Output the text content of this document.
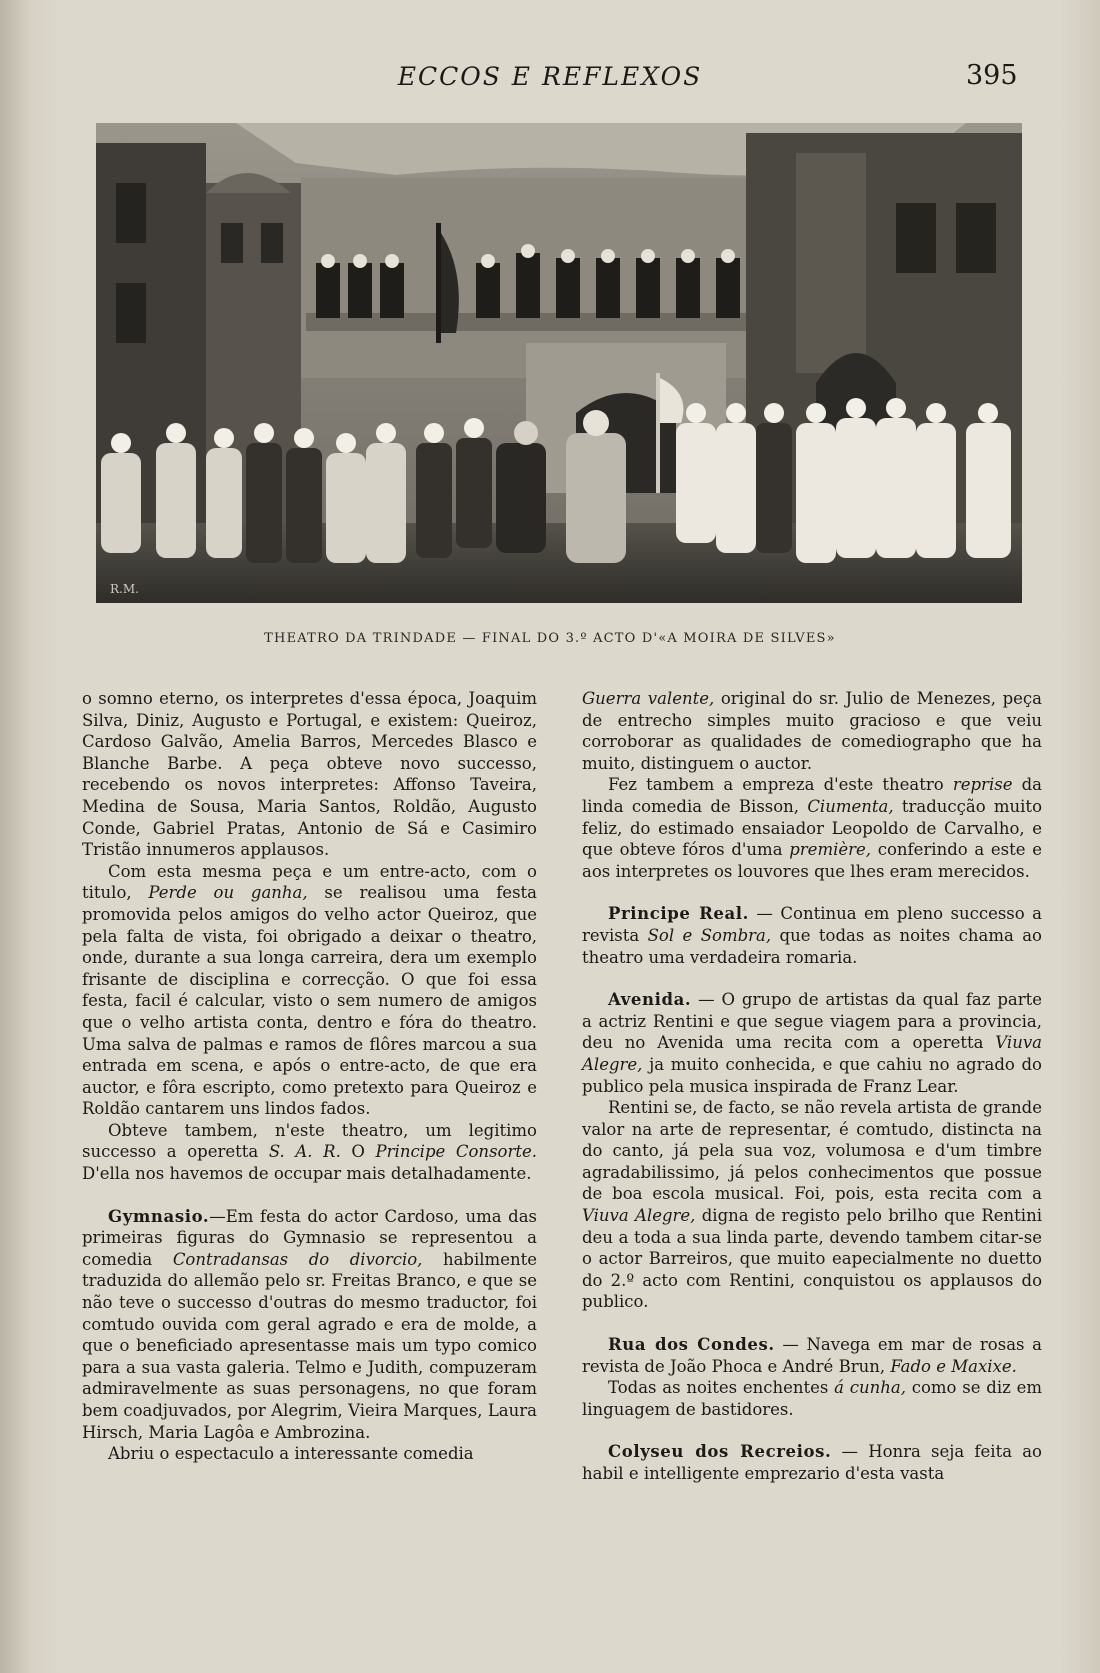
ECCOS E REFLEXOS	395
R.M.
THEATRO DA TRINDADE — FINAL DO 3.º ACTO D'«A MOIRA DE SILVES»

o somno eterno, os interpretes d'essa época, Joaquim Silva, Diniz, Augusto e Portugal, e existem: Queiroz, Cardoso Galvão, Amelia Barros, Mercedes Blasco e Blanche Barbe. A peça obteve novo successo, recebendo os novos interpretes: Affonso Taveira, Medina de Sousa, Maria Santos, Roldão, Augusto Conde, Gabriel Pratas, Antonio de Sá e Casimiro Tristão innumeros applausos.

Com esta mesma peça e um entre-acto, com o titulo, Perde ou ganha, se realisou uma festa promovida pelos amigos do velho actor Queiroz, que pela falta de vista, foi obrigado a deixar o theatro, onde, durante a sua longa carreira, dera um exemplo frisante de disciplina e correcção. O que foi essa festa, facil é calcular, visto o sem numero de amigos que o velho artista conta, dentro e fóra do theatro. Uma salva de palmas e ramos de flôres marcou a sua entrada em scena, e após o entre-acto, de que era auctor, e fôra escripto, como pretexto para Queiroz e Roldão cantarem uns lindos fados.

Obteve tambem, n'este theatro, um legitimo successo a operetta S. A. R. O Principe Consorte. D'ella nos havemos de occupar mais detalhadamente.

Gymnasio.—Em festa do actor Cardoso, uma das primeiras figuras do Gymnasio se representou a comedia Contradansas do divorcio, habilmente traduzida do allemão pelo sr. Freitas Branco, e que se não teve o successo d'outras do mesmo traductor, foi comtudo ouvida com geral agrado e era de molde, a que o beneficiado apresentasse mais um typo comico para a sua vasta galeria. Telmo e Judith, compuzeram admiravelmente as suas personagens, no que foram bem coadjuvados, por Alegrim, Vieira Marques, Laura Hirsch, Maria Lagôa e Ambrozina.

Abriu o espectaculo a interessante comedia

Guerra valente, original do sr. Julio de Menezes, peça de entrecho simples muito gracioso e que veiu corroborar as qualidades de comediographo que ha muito, distinguem o auctor.

Fez tambem a empreza d'este theatro reprise da linda comedia de Bisson, Ciumenta, traducção muito feliz, do estimado ensaiador Leopoldo de Carvalho, e que obteve fóros d'uma première, conferindo a este e aos interpretes os louvores que lhes eram merecidos.

Principe Real. — Continua em pleno successo a revista Sol e Sombra, que todas as noites chama ao theatro uma verdadeira romaria.

Avenida. — O grupo de artistas da qual faz parte a actriz Rentini e que segue viagem para a provincia, deu no Avenida uma recita com a operetta Viuva Alegre, ja muito conhecida, e que cahiu no agrado do publico pela musica inspirada de Franz Lear.

Rentini se, de facto, se não revela artista de grande valor na arte de representar, é comtudo, distincta na do canto, já pela sua voz, volumosa e d'um timbre agradabilissimo, já pelos conhecimentos que possue de boa escola musical. Foi, pois, esta recita com a Viuva Alegre, digna de registo pelo brilho que Rentini deu a toda a sua linda parte, devendo tambem citar-se o actor Barreiros, que muito eapecialmente no duetto do 2.º acto com Rentini, conquistou os applausos do publico.

Rua dos Condes. — Navega em mar de rosas a revista de João Phoca e André Brun, Fado e Maxixe.

Todas as noites enchentes á cunha, como se diz em linguagem de bastidores.

Colyseu dos Recreios. — Honra seja feita ao habil e intelligente emprezario d'esta vasta
